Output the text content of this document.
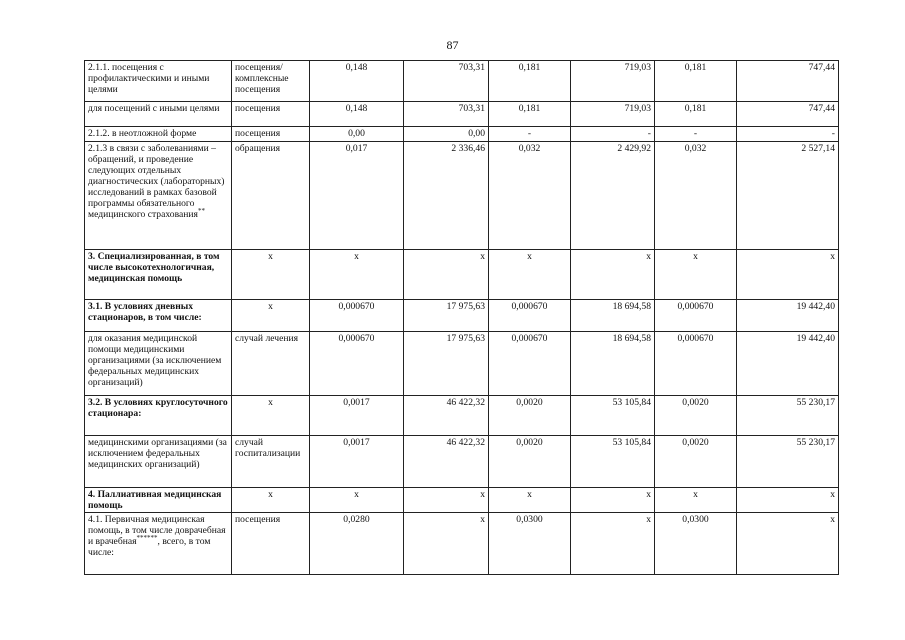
87
2.1.1. посещения с профилактическими и иными целями	посещения/ комплексные посещения	0,148	703,31	0,181	719,03	0,181	747,44
для посещений с иными целями	посещения	0,148	703,31	0,181	719,03	0,181	747,44
2.1.2. в неотложной форме	посещения	0,00	0,00	-	-	-	-
2.1.3 в связи с заболеваниями – обращений, и проведение следующих отдельных диагностических (лабораторных) исследований в рамках базовой программы обязательного медицинского страхования**	обращения	0,017	2 336,46	0,032	2 429,92	0,032	2 527,14
3. Специализированная, в том числе высокотехнологичная, медицинская помощь	х	х	х	х	х	х	х
3.1. В условиях дневных стационаров, в том числе:	х	0,000670	17 975,63	0,000670	18 694,58	0,000670	19 442,40
для оказания медицинской помощи медицинскими организациями (за исключением федеральных медицинских организаций)	случай лечения	0,000670	17 975,63	0,000670	18 694,58	0,000670	19 442,40
3.2. В условиях круглосуточного стационара:	х	0,0017	46 422,32	0,0020	53 105,84	0,0020	55 230,17
медицинскими организациями (за исключением федеральных медицинских организаций)	случай госпитализации	0,0017	46 422,32	0,0020	53 105,84	0,0020	55 230,17
4. Паллиативная медицинская помощь	х	х	х	х	х	х	х
4.1. Первичная медицинская помощь, в том числе доврачебная и врачебная******, всего, в том числе:	посещения	0,0280	х	0,0300	х	0,0300	х
